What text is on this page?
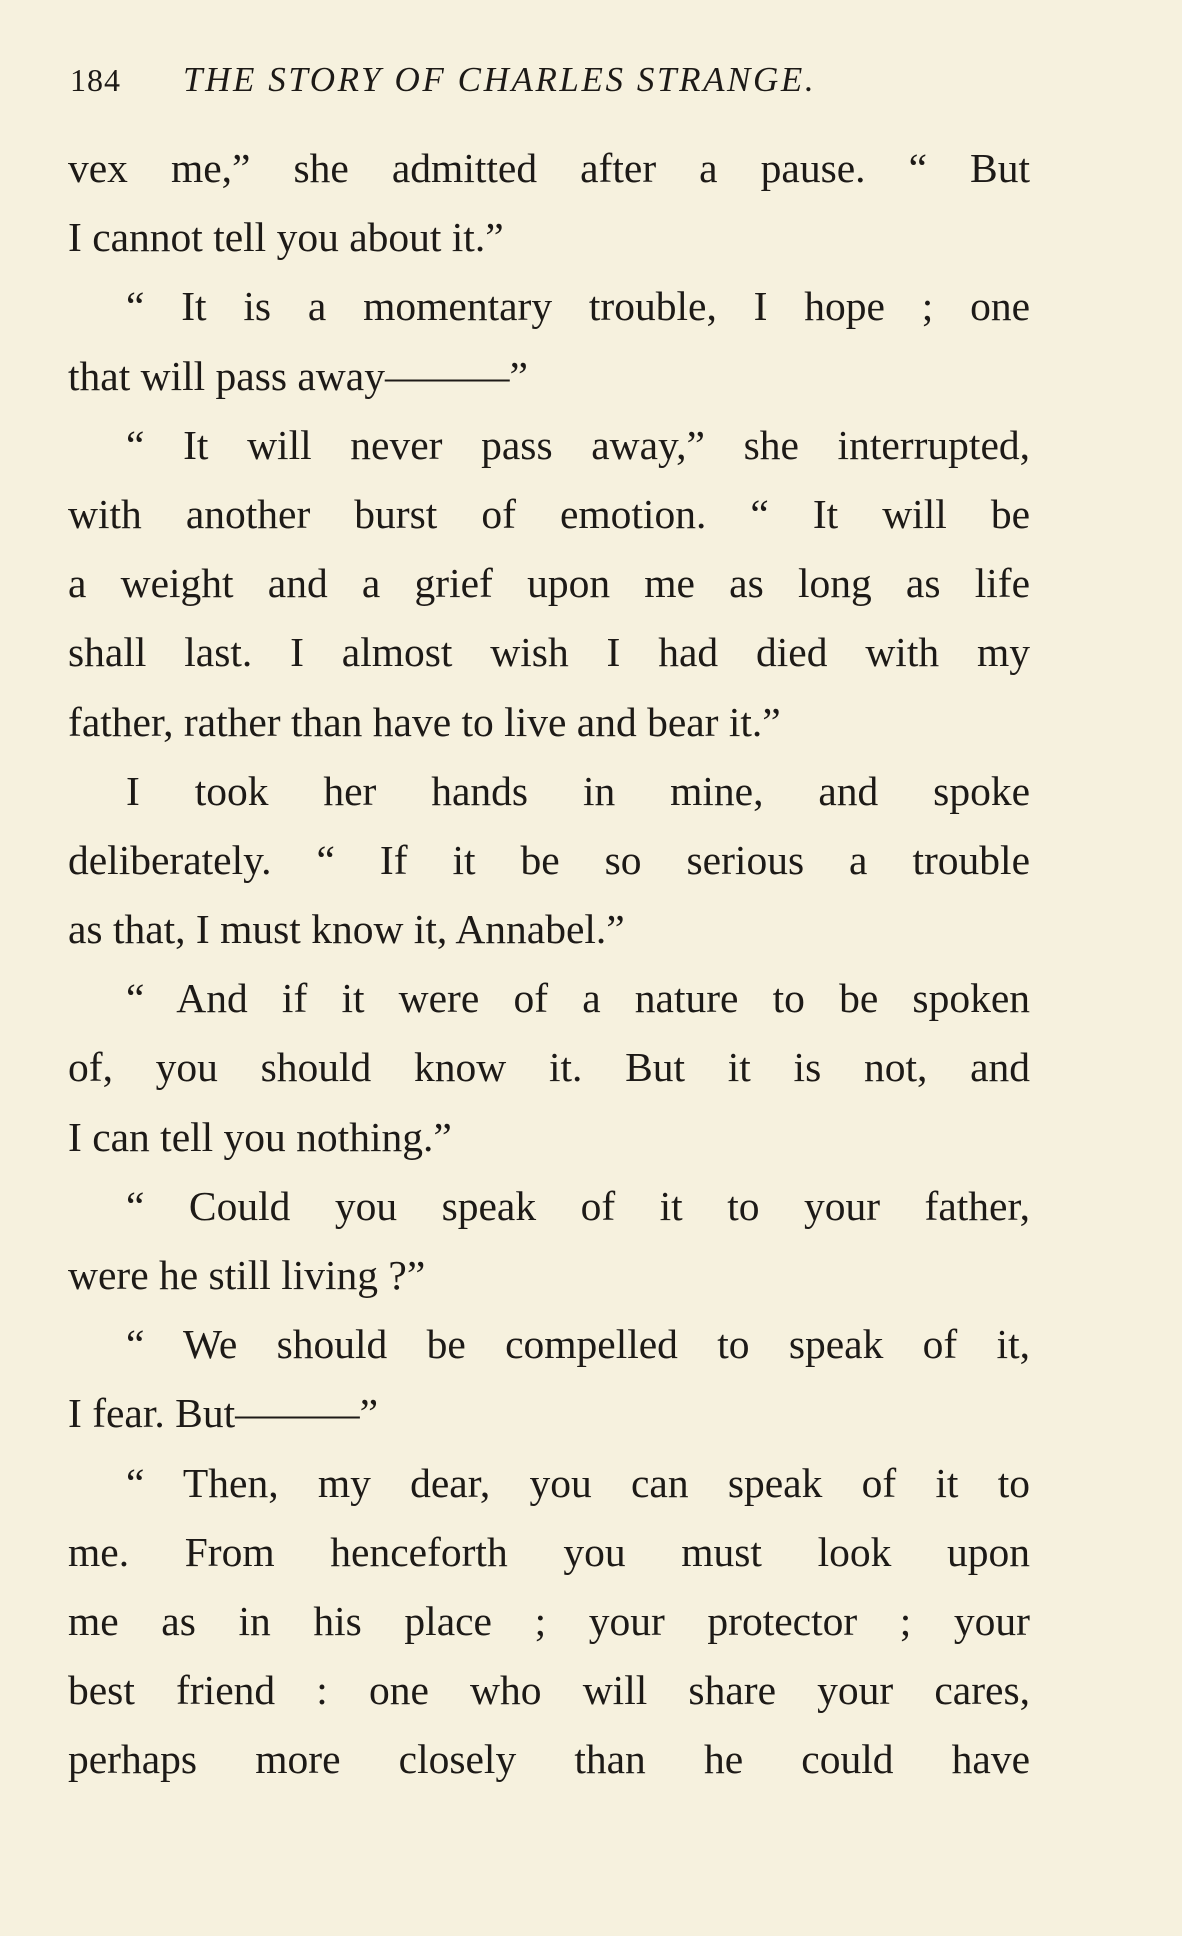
184 THE STORY OF CHARLES STRANGE.
vex me,” she admitted after a pause. “ But
I cannot tell you about it.”
“ It is a momentary trouble, I hope ; one
that will pass away———”
“ It will never pass away,” she interrupted,
with another burst of emotion. “ It will be
a weight and a grief upon me as long as life
shall last. I almost wish I had died with my
father, rather than have to live and bear it.”
I took her hands in mine, and spoke
deliberately. “ If it be so serious a trouble
as that, I must know it, Annabel.”
“ And if it were of a nature to be spoken
of, you should know it. But it is not, and
I can tell you nothing.”
“ Could you speak of it to your father,
were he still living ?”
“ We should be compelled to speak of it,
I fear. But———”
“ Then, my dear, you can speak of it to
me. From henceforth you must look upon
me as in his place ; your protector ; your
best friend : one who will share your cares,
perhaps more closely than he could have
